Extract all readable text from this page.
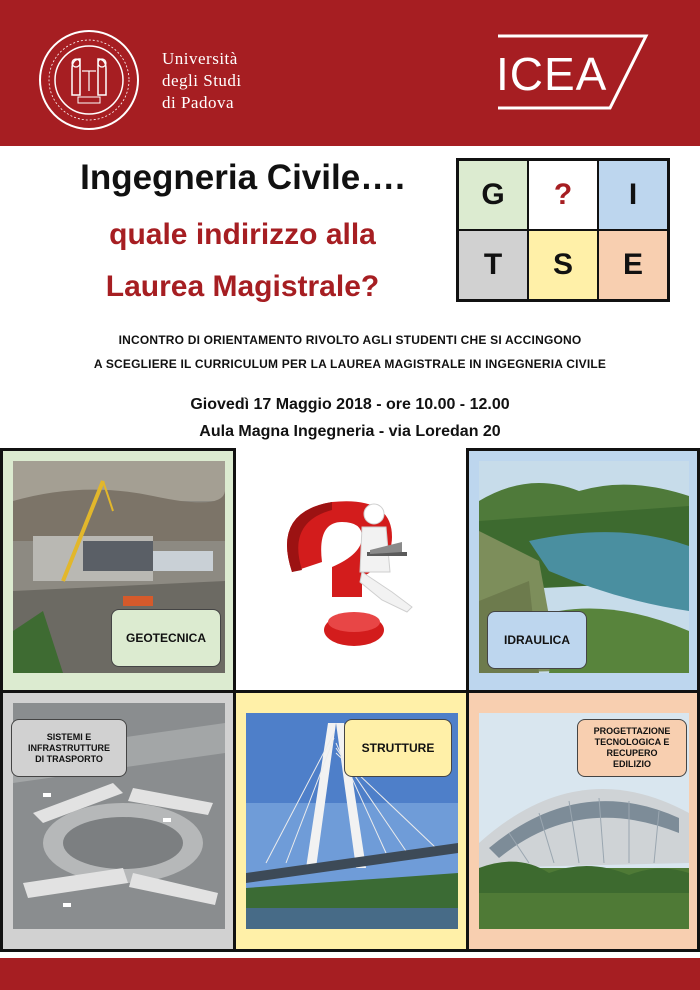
Università
degli Studi
di Padova
ICEA
Ingegneria Civile….
quale indirizzo alla
Laurea Magistrale?
G	?	I
T	S	E
INCONTRO DI ORIENTAMENTO RIVOLTO AGLI STUDENTI CHE SI ACCINGONO
A SCEGLIERE IL CURRICULUM PER LA LAUREA MAGISTRALE IN INGEGNERIA CIVILE
Giovedì 17 Maggio 2018 - ore 10.00 - 12.00
Aula Magna Ingegneria - via Loredan 20
GEOTECNICA	IDRAULICA
SISTEMI E
INFRASTRUTTURE
DI TRASPORTO
STRUTTURE
PROGETTAZIONE
TECNOLOGICA E
RECUPERO
EDILIZIO
